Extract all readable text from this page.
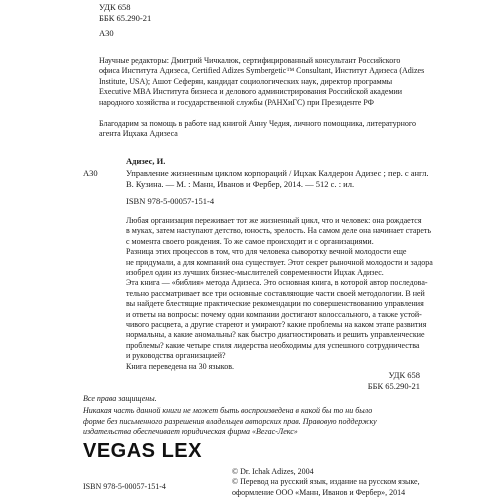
УДК 658
ББК 65.290-21
А30
Научные редакторы: Дмитрий Чичкалюк, сертифицированный консультант Российского
офиса Института Адизеса, Certified Adizes Symbergetic™ Consultant, Институт Адизеса (Adizes
Institute, USA); Ашот Сеферян, кандидат социологических наук, директор программы
Executive MBA Института бизнеса и делового администрирования Российской академии
народного хозяйства и государственной службы (РАНХиГС) при Президенте РФ
Благодарим за помощь в работе над книгой Анну Чедия, личного помощника, литературного
агента Ицхака Адизеса
Адизес, И.
А30	Управление жизненным циклом корпораций / Ицхак Калдерон Адизес ; пер. с англ.
В. Кузина. — М. : Манн, Иванов и Фербер, 2014. — 512 с. : ил.
ISBN 978-5-00057-151-4
Любая организация переживает тот же жизненный цикл, что и человек: она рождается
в муках, затем наступают детство, юность, зрелость. На самом деле она начинает стареть
с момента своего рождения. То же самое происходит и с организациями.
Разница этих процессов в том, что для человека сыворотку вечной молодости еще
не придумали, а для компаний она существует. Этот секрет рыночной молодости и задора
изобрел один из лучших бизнес-мыслителей современности Ицхак Адизес.
Эта книга — «библия» метода Адизеса. Это основная книга, в которой автор последова-
тельно рассматривает все три основные составляющие части своей методологии. В ней
вы найдете блестящие практические рекомендации по совершенствованию управления
и ответы на вопросы: почему одни компании достигают колоссального, а также устой-
чивого расцвета, а другие стареют и умирают? какие проблемы на каком этапе развития
нормальны, а какие аномальны? как быстро диагностировать и решить управленческие
проблемы? какие четыре стиля лидерства необходимы для успешного сотрудничества
и руководства организацией?
Книга переведена на 30 языков.
УДК 658
ББК 65.290-21
Все права защищены.
Никакая часть данной книги не может быть воспроизведена в какой бы то ни было
форме без письменного разрешения владельцев авторских прав. Правовую поддержку
издательства обеспечивает юридическая фирма «Вегас-Лекс»
VEGAS LEX
© Dr. Ichak Adizes, 2004
© Перевод на русский язык, издание на русском языке,
оформление ООО «Манн, Иванов и Фербер», 2014
ISBN 978-5-00057-151-4
